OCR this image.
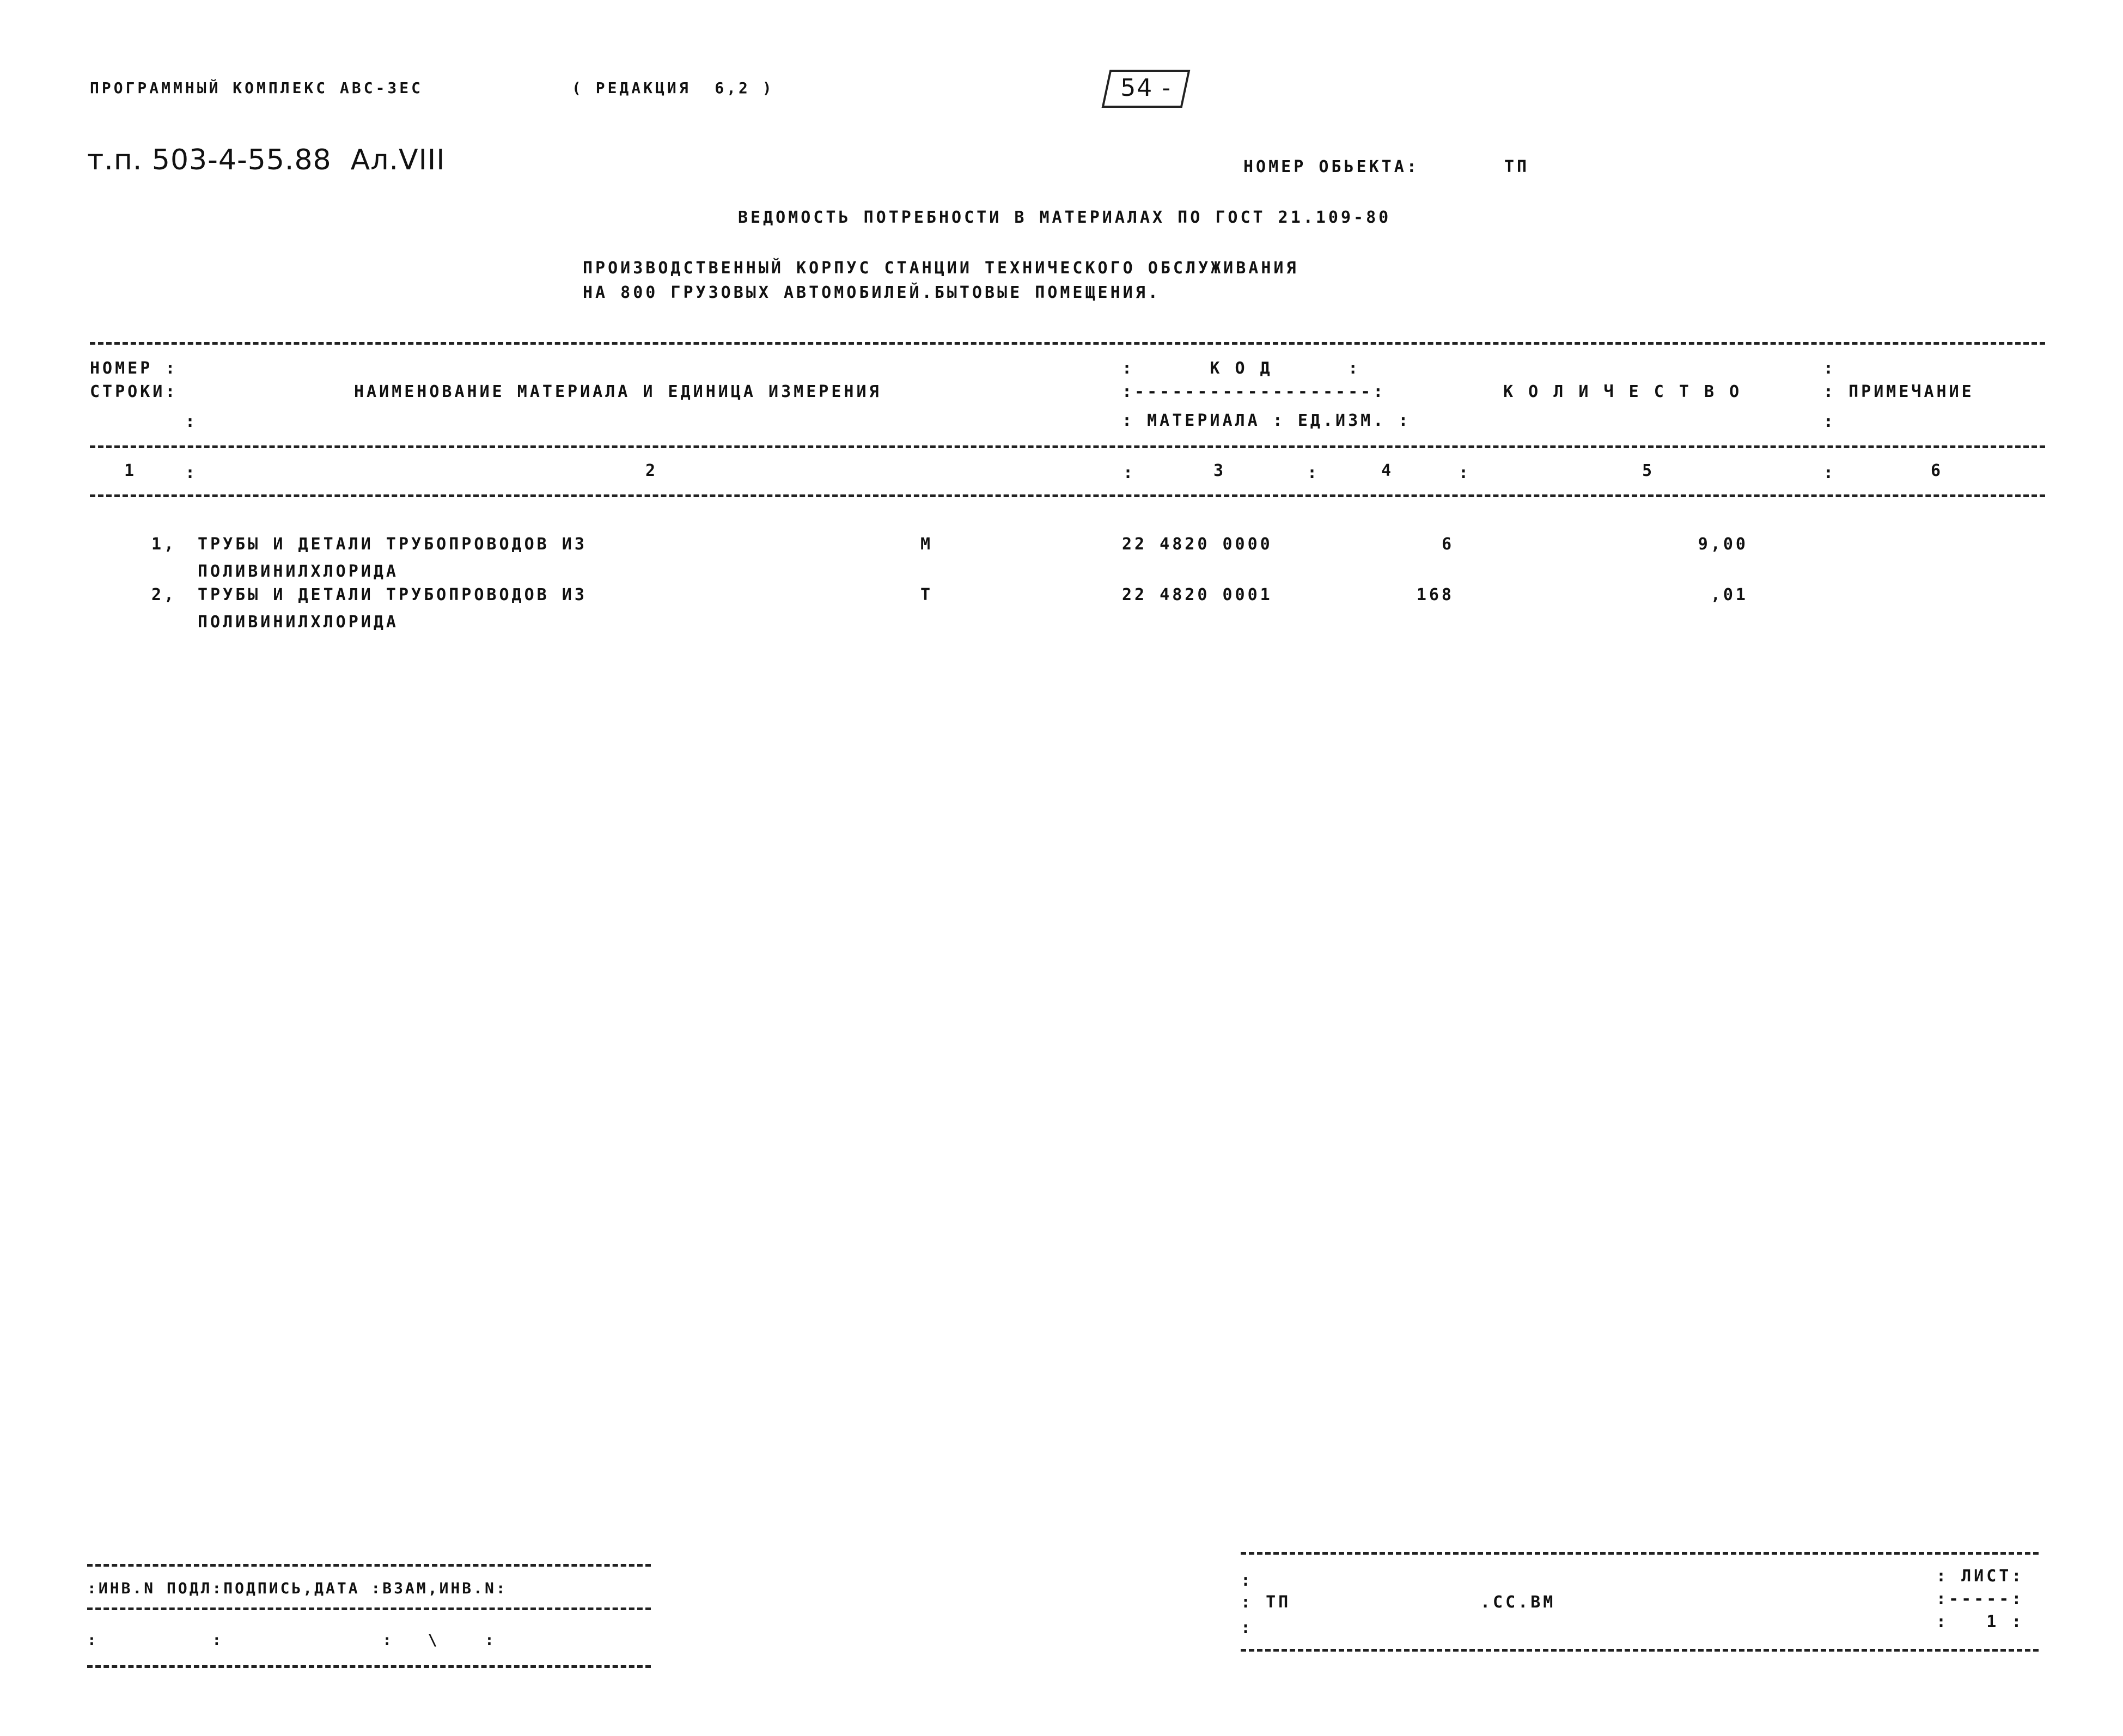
ПРОГРАММНЫЙ КОМПЛЕКС АВС-3ЕС	( РЕДАКЦИЯ  6,2 )	54 -
т.п. 503-4-55.88  Ал.VIII	НОМЕР ОБЬЕКТА:	ТП
ВЕДОМОСТЬ ПОТРЕБНОСТИ В МАТЕРИАЛАХ ПО ГОСТ 21.109-80
ПРОИЗВОДСТВЕННЫЙ КОРПУС СТАНЦИИ ТЕХНИЧЕСКОГО ОБСЛУЖИВАНИЯ
НА 800 ГРУЗОВЫХ АВТОМОБИЛЕЙ.БЫТОВЫЕ ПОМЕЩЕНИЯ.
НОМЕР :
СТРОКИ:
:
НАИМЕНОВАНИЕ МАТЕРИАЛА И ЕДИНИЦА ИЗМЕРЕНИЯ
:      К О Д      :
:-------------------:
: МАТЕРИАЛА : ЕД.ИЗМ. :
К О Л И Ч Е С Т В О
:
: ПРИМЕЧАНИЕ
:
1	:	2	:	3	:	4	:	5	:	6
1, ТРУБЫ И ДЕТАЛИ ТРУБОПРОВОДОВ ИЗ
ПОЛИВИНИЛХЛОРИДА
М	22 4820 0000	6	9,00
2, ТРУБЫ И ДЕТАЛИ ТРУБОПРОВОДОВ ИЗ
ПОЛИВИНИЛХЛОРИДА
Т	22 4820 0001	168	,01
:ИНВ.N ПОДЛ:ПОДПИСЬ,ДАТА :ВЗАМ,ИНВ.N:
:          :              :   \    :
:
: ТП	.СС.ВМ
:
: ЛИСТ:
:-----:
:   1 :
